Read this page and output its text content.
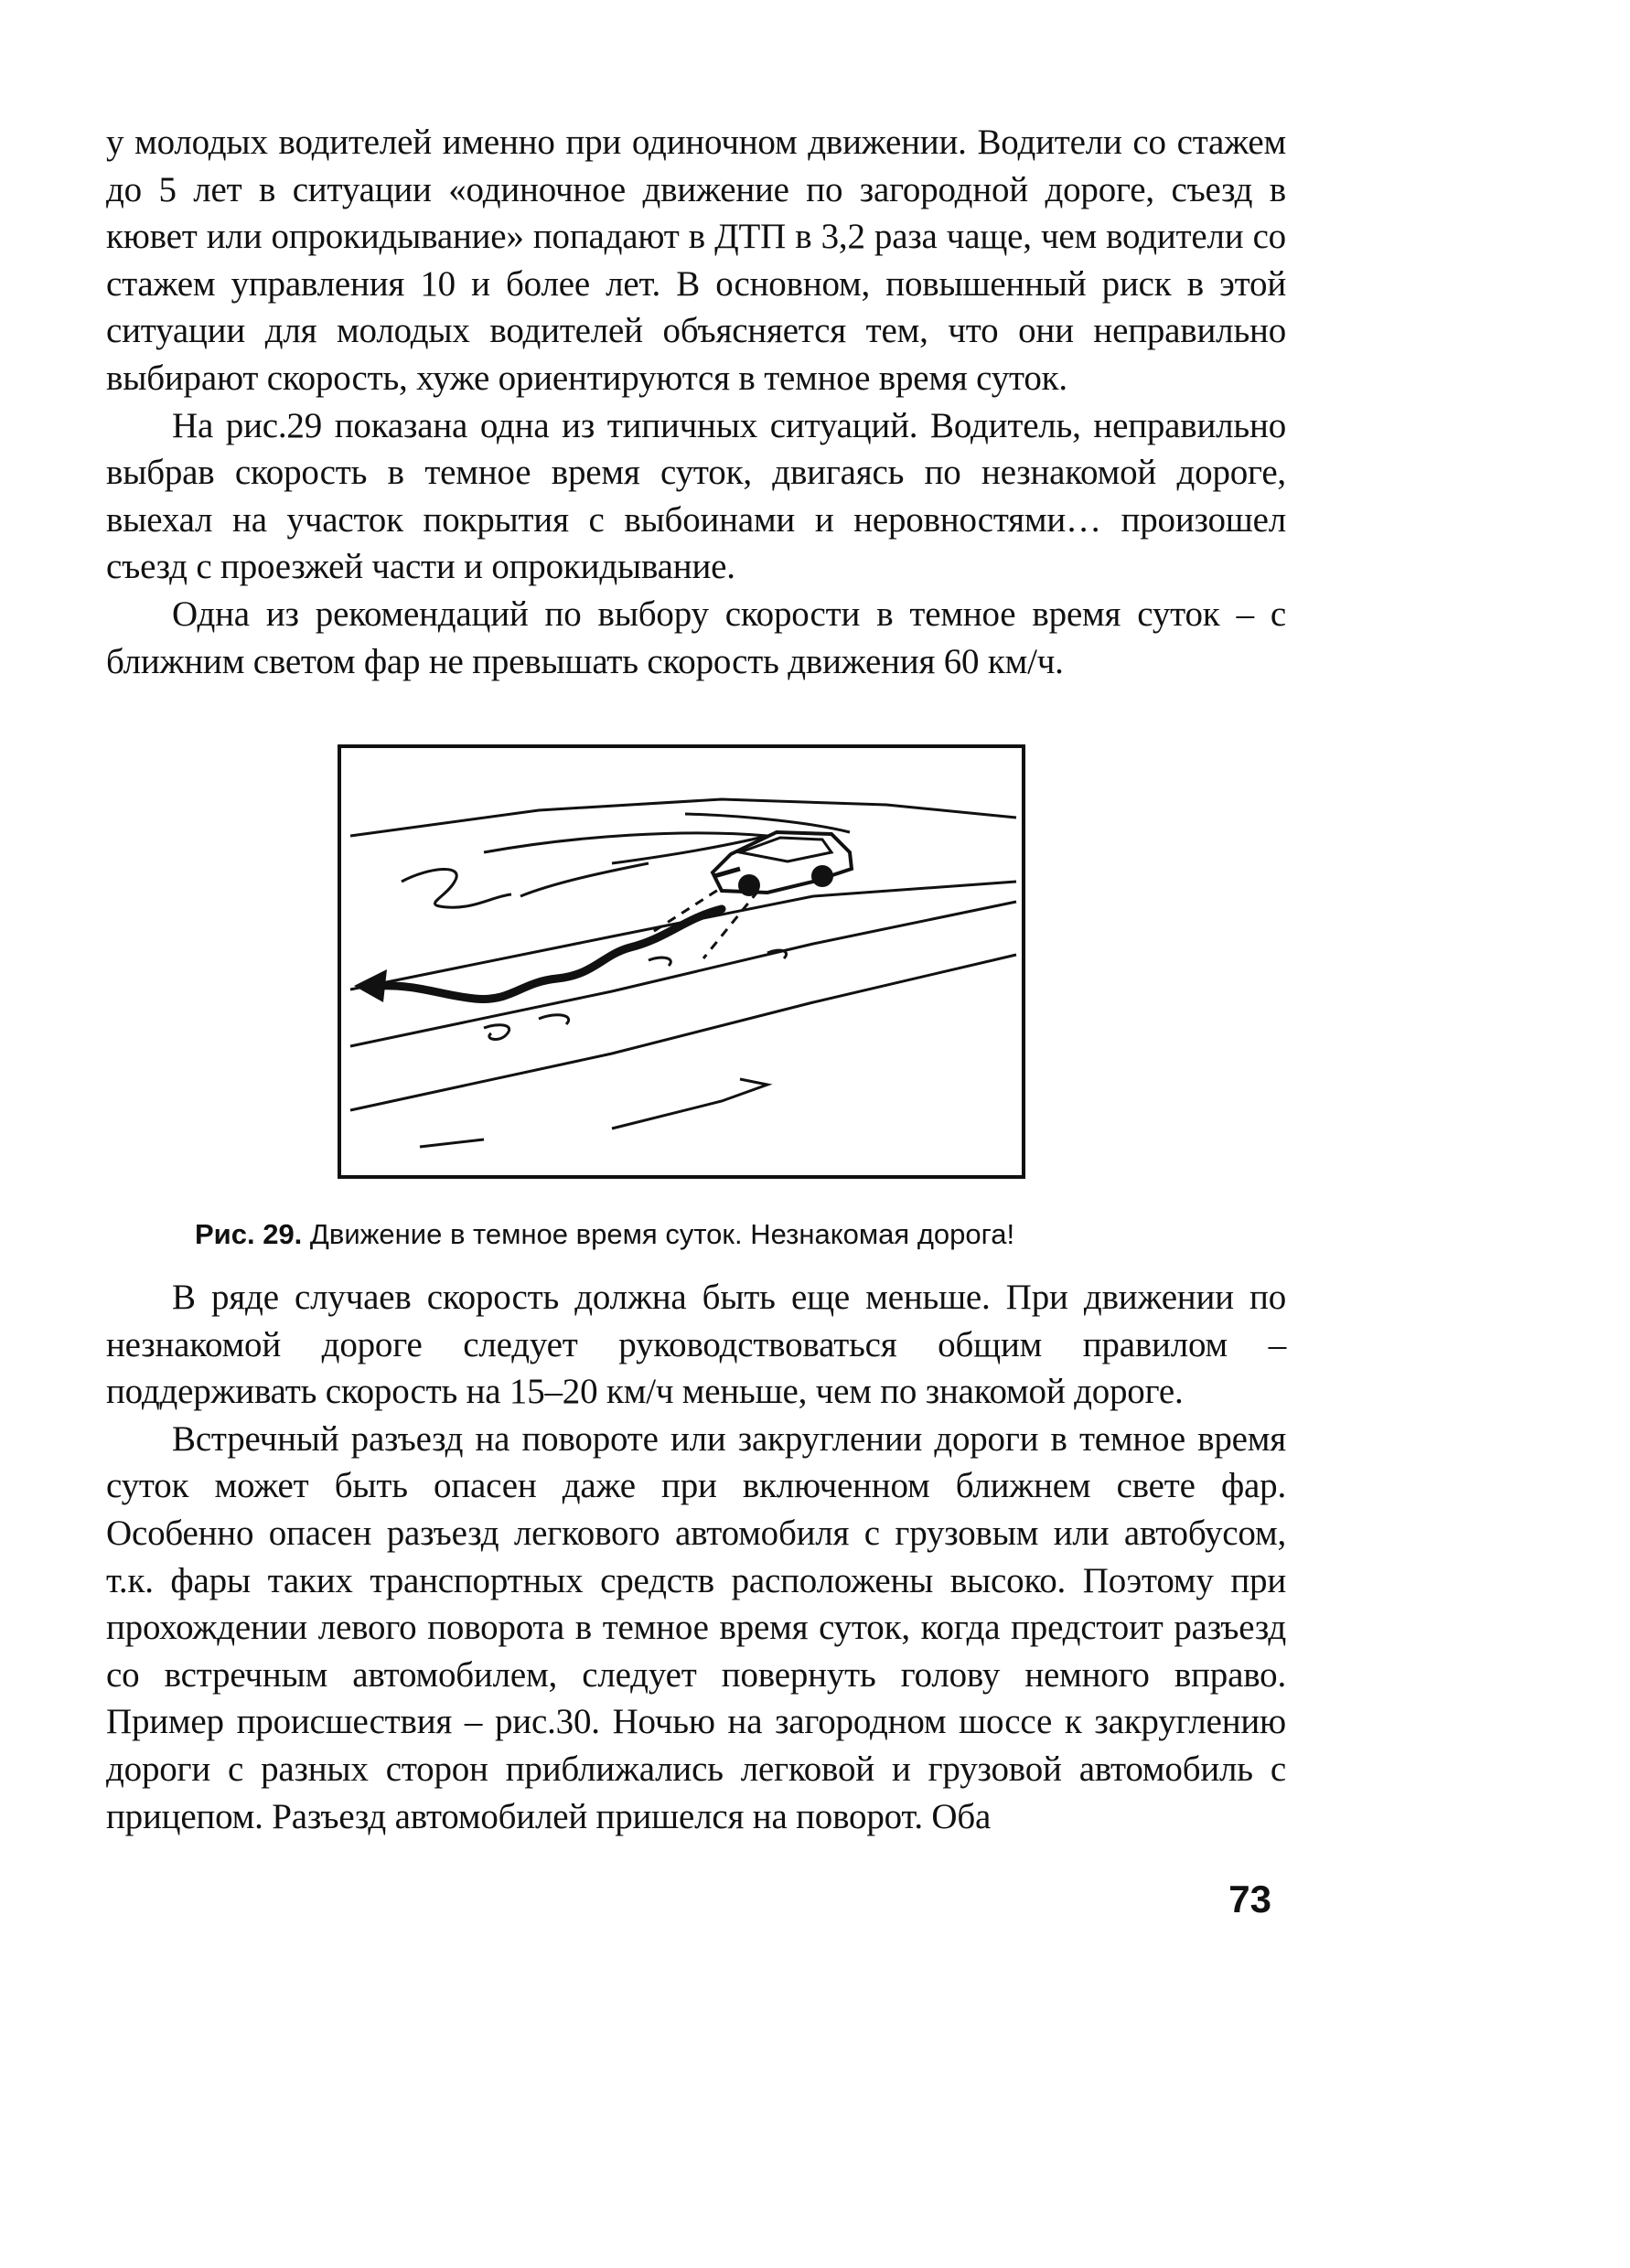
у молодых водителей именно при одиночном движении. Водители со стажем до 5 лет в ситуации «одиночное движение по загородной дороге, съезд в кювет или опрокидывание» попадают в ДТП в 3,2 раза чаще, чем водители со стажем управления 10 и более лет. В основном, повышенный риск в этой ситуации для молодых водителей объясняется тем, что они неправильно выбирают скорость, хуже ориентируются в темное время суток.

На рис.29 показана одна из типичных ситуаций. Водитель, неправильно выбрав скорость в темное время суток, двигаясь по незнакомой дороге, выехал на участок покрытия с выбоинами и неровностями… произошел съезд с проезжей части и опрокидывание.

Одна из рекомендаций по выбору скорости в темное время суток – с ближним светом фар не превышать скорость движения 60 км/ч.

Рис. 29. Движение в темное время суток. Незнакомая дорога!

В ряде случаев скорость должна быть еще меньше. При движении по незнакомой дороге следует руководствоваться общим правилом – поддерживать скорость на 15–20 км/ч меньше, чем по знакомой дороге.

Встречный разъезд на повороте или закруглении дороги в темное время суток может быть опасен даже при включенном ближнем свете фар. Особенно опасен разъезд легкового автомобиля с грузовым или автобусом, т.к. фары таких транспортных средств расположены высоко. Поэтому при прохождении левого поворота в темное время суток, когда предстоит разъезд со встречным автомобилем, следует повернуть голову немного вправо. Пример происшествия – рис.30. Ночью на загородном шоссе к закруглению дороги с разных сторон приближались легковой и грузовой автомобиль с прицепом. Разъезд автомобилей пришелся на поворот. Оба

73
